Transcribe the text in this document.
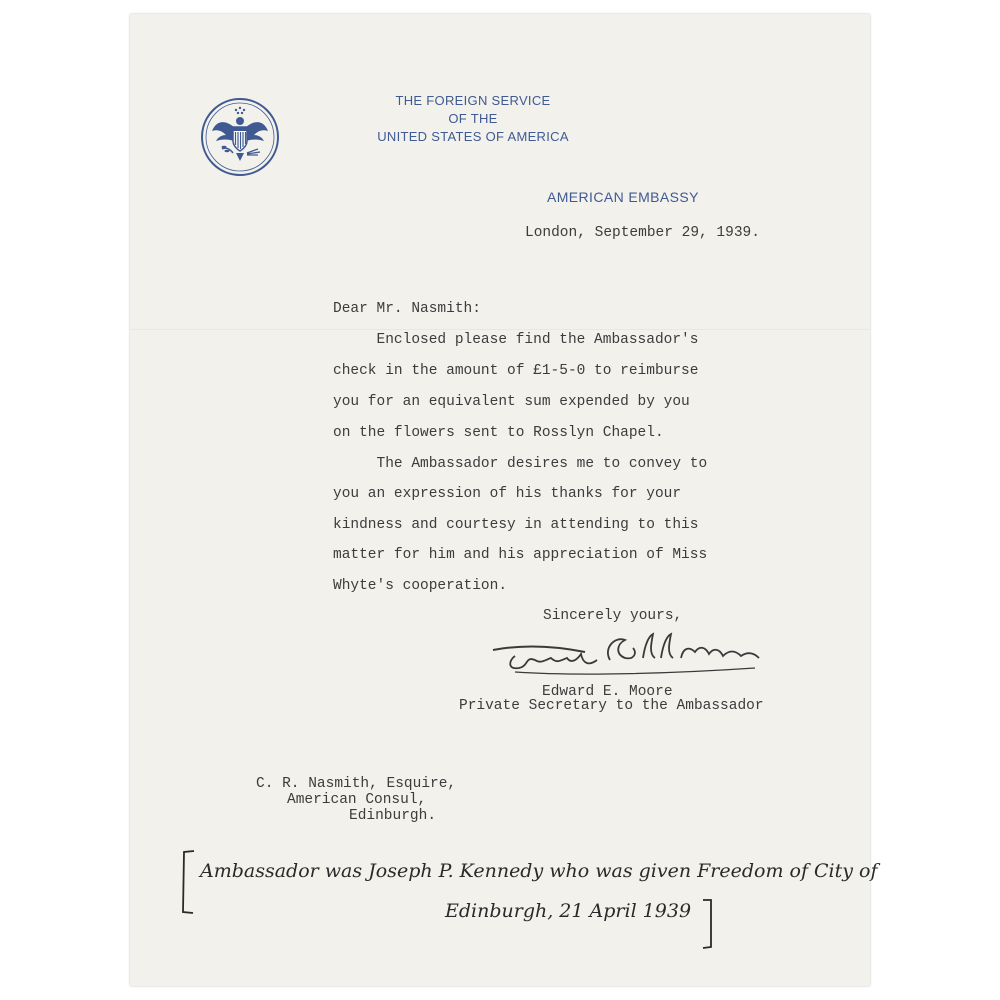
THE FOREIGN SERVICE
OF THE
UNITED STATES OF AMERICA
AMERICAN EMBASSY
London, September 29, 1939.
Dear Mr. Nasmith:
Enclosed please find the Ambassador's
check in the amount of £1-5-0 to reimburse
you for an equivalent sum expended by you
on the flowers sent to Rosslyn Chapel.
The Ambassador desires me to convey to
you an expression of his thanks for your
kindness and courtesy in attending to this
matter for him and his appreciation of Miss
Whyte's cooperation.
Sincerely yours,
Edward E. Moore
Private Secretary to the Ambassador
C. R. Nasmith, Esquire,
American Consul,
Edinburgh.
Ambassador was Joseph P. Kennedy who was given Freedom of City of
Edinburgh, 21 April 1939
